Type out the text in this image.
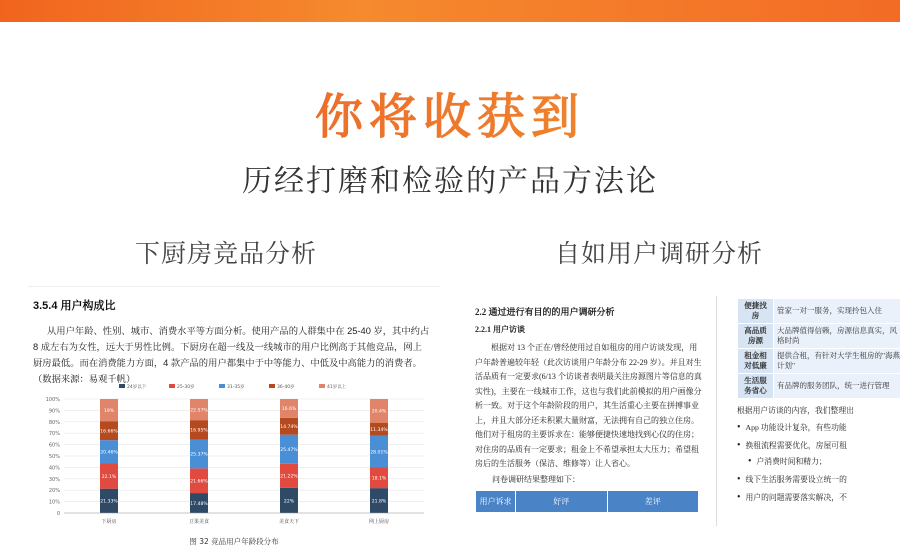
你将收获到
历经打磨和检验的产品方法论
下厨房竞品分析	自如用户调研分析
3.5.4 用户构成比
从用户年龄、性别、城市、消费水平等方面分析。使用产品的人群集中在 25-40 岁，其中约占 8 成左右为女性，远大于男性比例。下厨房在超一线及一线城市的用户比例高于其他竞品，网上厨房最低。而在消费能力方面，4 款产品的用户都集中于中等能力、中低及中高能力的消费者。（数据来源：易观千帆）
0
10%
20%
30%
40%
50%
60%
70%
80%
90%
100%
24岁以下	25-30岁	31-35岁	36-40岁	41岁以上
21.33%
22.1%
20.46%
16.66%
19%
下厨房
17.48%
21.66%
25.37%
16.95%
22.57%
豆果美食
22%
21.22%
25.47%
14.74%
16.6%
美食天下
21.8%
18.1%
28.01%
11.34%
20.4%
网上厨房
图 32 竞品用户年龄段分布
2.2 通过进行有目的的用户调研分析
2.2.1 用户访谈
根据对 13 个正在/曾经使用过自如租房的用户访谈发现，用户年龄普遍较年轻（此次访谈用户年龄分布 22-29 岁）。并且对生活品质有一定要求(6/13 个访谈者表明最关注房源图片等信息的真实性)，主要在一线城市工作，这也与我们此前模拟的用户画像分析一致。对于这个年龄阶段的用户，其生活重心主要在拼搏事业上，并且大部分还未积累大量财富，无法拥有自己的独立住房。他们对于租房的主要诉求在：能够便捷快速地找到心仪的住房；对住房的品质有一定要求；租金上不希望承担太大压力；希望租房后的生活服务（保洁、维修等）让人省心。
问卷调研结果整理如下：
用户诉求	好评	差评
便捷找房	管家一对一服务，实现拎包入住
高品质房源	大品牌值得信赖，房源信息真实，风格时尚
租金相对低廉	提供合租，有针对大学生租房的"海燕计划"
生活服务省心	有品牌的服务团队，统一进行管理
根据用户访谈的内容，我们整理出
• App 功能设计复杂，有些功能
• 换租流程需要优化，房屋可租
• 户消费时间和精力；
• 线下生活服务需要设立统一的
• 用户的问题需要落实解决，不
